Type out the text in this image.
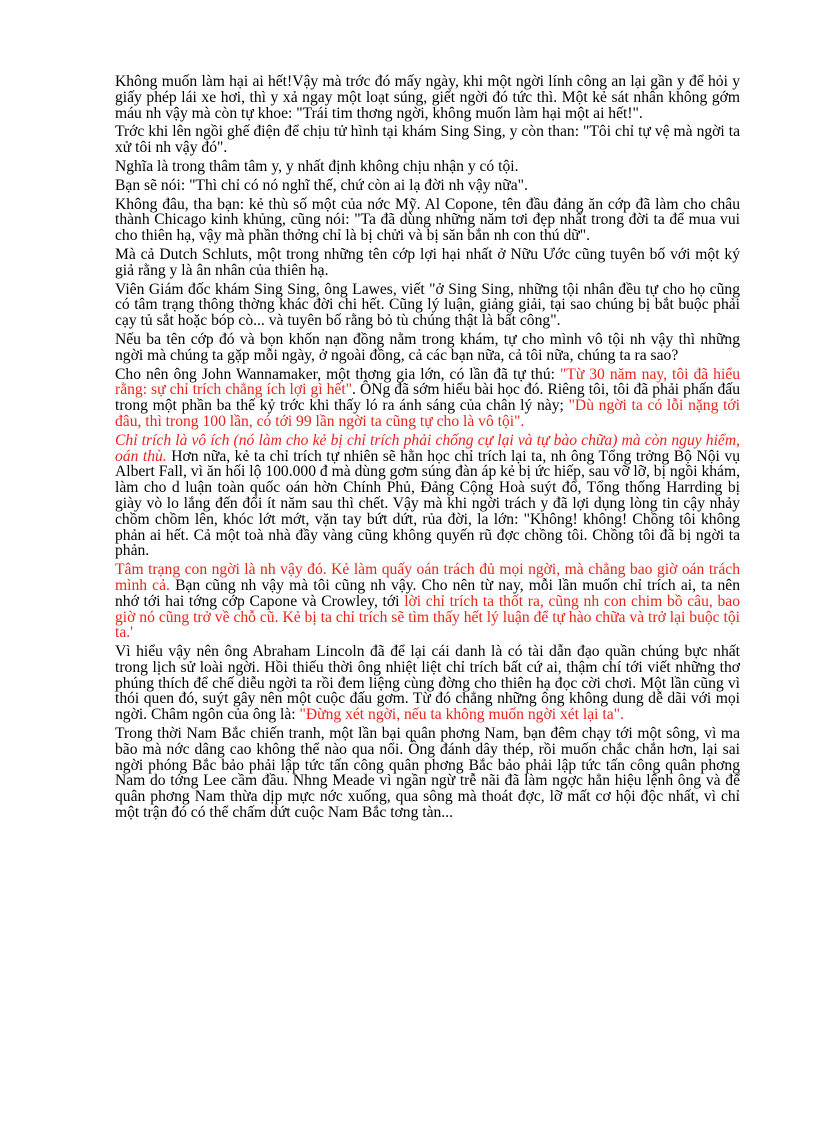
Không muốn làm hại ai hết!Vậy mà trớc đó mấy ngày, khi một ngời lính công an lại gần y để hỏi y giấy phép lái xe hơi, thì y xả ngay một loạt súng, giết ngời đó tức thì. Một kẻ sát nhân không gớm máu nh vậy mà còn tự khoe: "Trái tim thơng ngời, không muốn làm hại một ai hết!".

Trớc khi lên ngồi ghế điện để chịu tử hình tại khám Sing Sing, y còn than: "Tôi chỉ tự vệ mà ngời ta xử tôi nh vậy đó".

Nghĩa là trong thâm tâm y, y nhất định không chịu nhận y có tội.

Bạn sẽ nói: "Thì chỉ có nó nghĩ thế, chứ còn ai lạ đời nh vậy nữa".

Không đâu, tha bạn: kẻ thù số một của nớc Mỹ. Al Copone, tên đầu đảng ăn cớp đã làm cho châu thành Chicago kinh khủng, cũng nói: "Ta đã dùng những năm tơi đẹp nhất trong đời ta để mua vui cho thiên hạ, vậy mà phần thởng chỉ là bị chửi và bị săn bắn nh con thú dữ".

Mà cả Dutch Schluts, một trong những tên cớp lợi hại nhất ở Nữu Ước cũng tuyên bố với một ký giả rằng y là ân nhân của thiên hạ.

Viên Giám đốc khám Sing Sing, ông Lawes, viết "ở Sing Sing, những tội nhân đều tự cho họ cũng có tâm trạng thông thờng khác đời chi hết. Cũng lý luận, giảng giải, tại sao chúng bị bắt buộc phải cạy tủ sắt hoặc bóp cò... và tuyên bố rằng bỏ tù chúng thật là bất công".

Nếu ba tên cớp đó và bọn khốn nạn đồng nằm trong khám, tự cho mình vô tội nh vậy thì những ngời mà chúng ta gặp mỗi ngày, ở ngoài đồng, cả các bạn nữa, cả tôi nữa, chúng ta ra sao?

Cho nên ông John Wannamaker, một thơng gia lớn, có lần đã tự thú: "Từ 30 năm nay, tôi đã hiểu rằng: sự chỉ trích chẳng ích lợi gì hết". ÔNg đã sớm hiểu bài học đó. Riêng tôi, tôi đã phải phấn đấu trong một phần ba thế kỷ trớc khi thấy ló ra ánh sáng của chân lý này; "Dù ngời ta có lỗi nặng tới đâu, thì trong 100 lần, có tới 99 lần ngời ta cũng tự cho là vô tội".

Chỉ trích là vô ích (nó làm cho kẻ bị chỉ trích phải chống cự lại và tự bào chữa) mà còn nguy hiểm, oán thù. Hơn nữa, kẻ ta chỉ trích tự nhiên sẽ hằn học chỉ trích lại ta, nh ông Tổng trởng Bộ Nội vụ Albert Fall, vì ăn hối lộ 100.000 đ mà dùng gơm súng đàn áp kẻ bị ức hiếp, sau vỡ lỡ, bị ngồi khám, làm cho d luận toàn quốc oán hờn Chính Phủ, Đảng Cộng Hoà suýt đổ, Tổng thống Harrding bị giày vò lo lắng đến đổi ít năm sau thì chết. Vậy mà khi ngời trách y đã lợi dụng lòng tin cậy nhảy chồm chồm lên, khóc lớt mớt, vặn tay bứt dứt, rủa đời, la lớn: "Không! không! Chồng tôi không phản ai hết. Cả một toà nhà đầy vàng cũng không quyến rũ đợc chồng tôi. Chồng tôi đã bị ngời ta phản.

Tâm trạng con ngời là nh vậy đó. Kẻ làm quấy oán trách đủ mọi ngời, mà chẳng bao giờ oán trách mình cả. Bạn cũng nh vậy mà tôi cũng nh vậy. Cho nên từ nay, mỗi lần muốn chỉ trích ai, ta nên nhớ tới hai tớng cớp Capone và Crowley, tới lời chỉ trích ta thốt ra, cũng nh con chim bồ câu, bao giờ nó cũng trở về chỗ cũ. Kẻ bị ta chỉ trích sẽ tìm thấy hết lý luận để tự hào chữa và trở lại buộc tội ta.'

Vì hiểu vậy nên ông Abraham Lincoln đã để lại cái danh là có tài dẫn đạo quần chúng bực nhất trong lịch sử loài ngời. Hồi thiếu thời ông nhiệt liệt chỉ trích bất cứ ai, thậm chí tới viết những thơ phúng thích để chế diễu ngời ta rồi đem liệng cùng đờng cho thiên hạ đọc cời chơi. Một lần cũng vì thói quen đó, suýt gây nên một cuộc đấu gơm. Từ đó chẳng những ông không dung dễ dãi với mọi ngời. Châm ngôn của ông là: "Đừng xét ngời, nếu ta không muốn ngời xét lại ta".

Trong thời Nam Bắc chiến tranh, một lần bại quân phơng Nam, bạn đêm chạy tới một sông, vì ma bão mà nớc dâng cao không thể nào qua nổi. Ông đánh dây thép, rồi muốn chắc chắn hơn, lại sai ngời phóng Bắc bảo phải lập tức tấn công quân phơng Bắc bảo phải lập tức tấn công quân phơng Nam do tớng Lee cầm đầu. Nhng Meade vì ngần ngừ trễ nãi đã làm ngợc hẳn hiệu lệnh ông và để quân phơng Nam thừa dịp mực nớc xuống, qua sông mà thoát đợc, lỡ mất cơ hội độc nhất, vì chỉ một trận đó có thể chấm dứt cuộc Nam Bắc tơng tàn...
